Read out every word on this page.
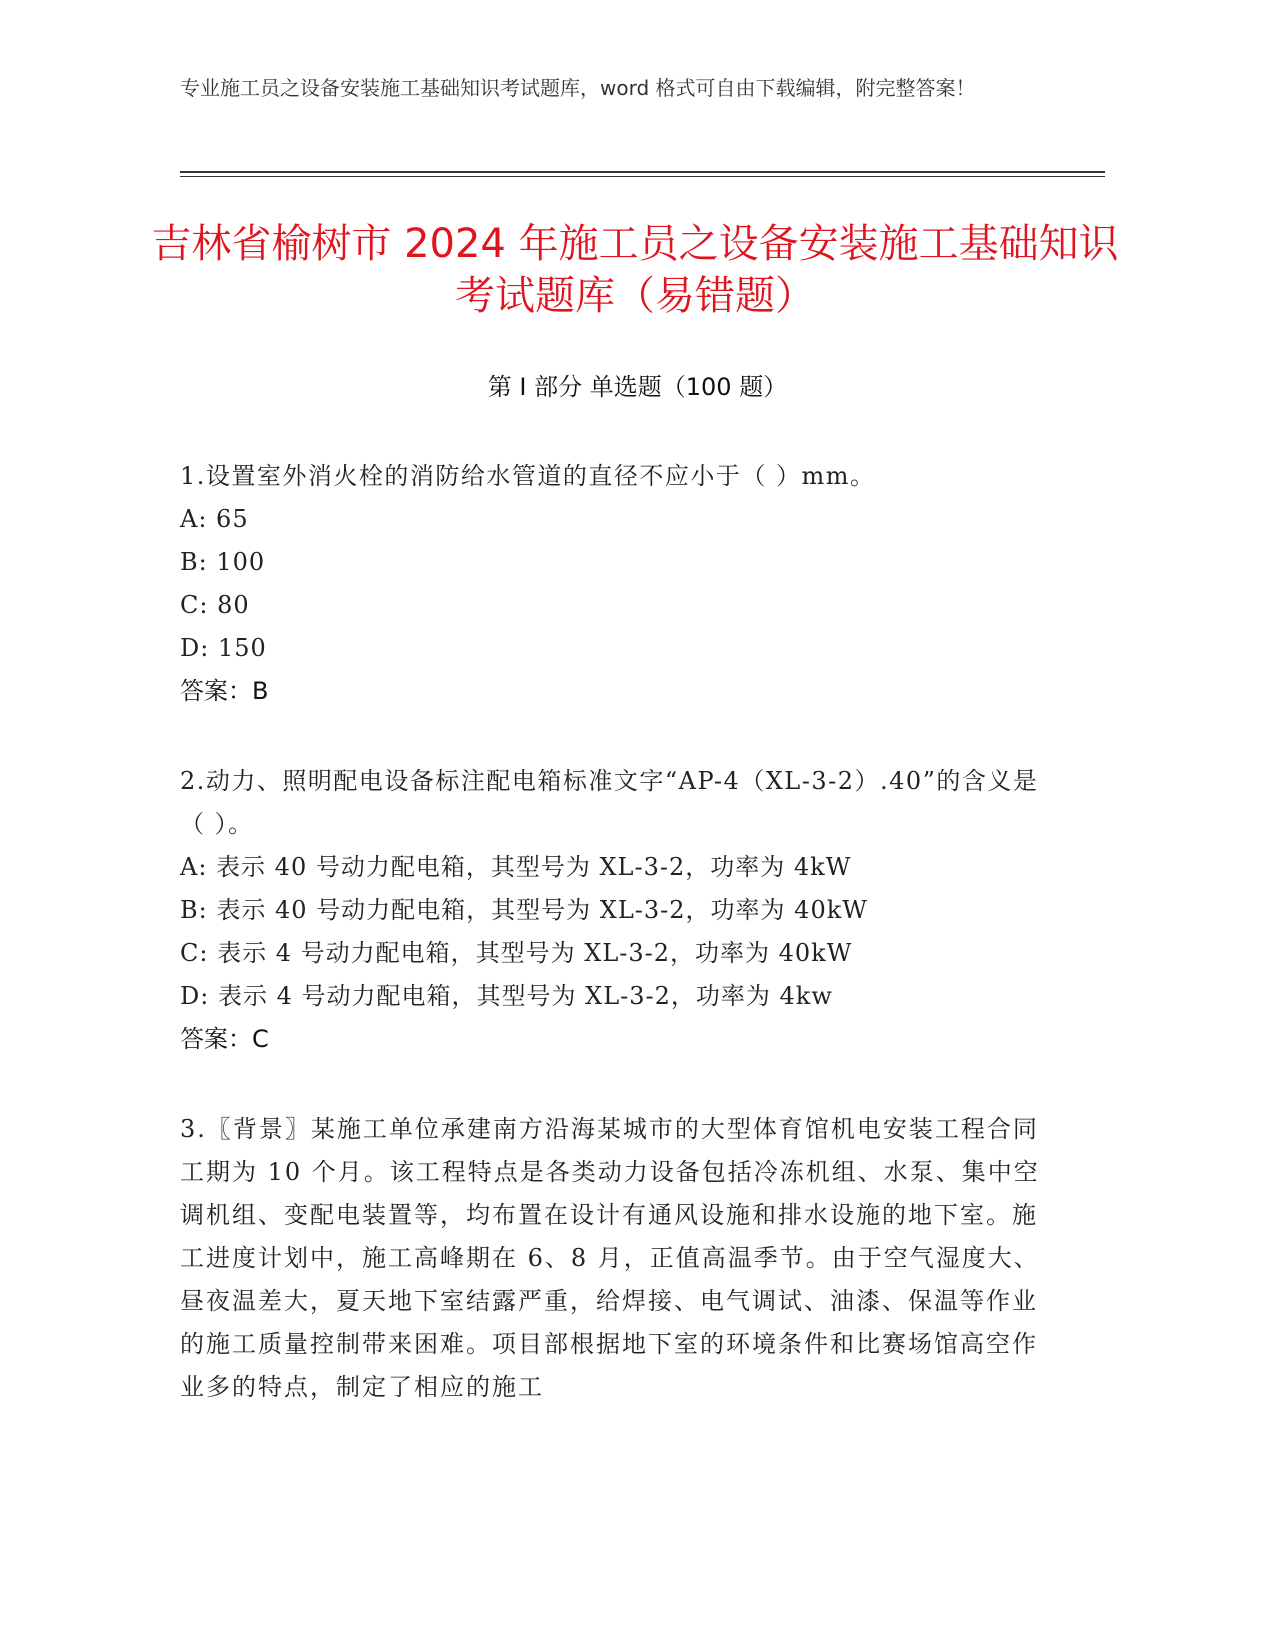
专业施工员之设备安装施工基础知识考试题库，word 格式可自由下载编辑，附完整答案！
吉林省榆树市 2024 年施工员之设备安装施工基础知识考试题库（易错题）
第 I 部分 单选题（100 题）

1.设置室外消火栓的消防给水管道的直径不应小于（ ）mm。

A: 65

B: 100

C: 80

D: 150

答案：B

2.动力、照明配电设备标注配电箱标准文字“AP-4（XL-3-2）.40”的含义是（ ）。

A: 表示 40 号动力配电箱，其型号为 XL-3-2，功率为 4kW

B: 表示 40 号动力配电箱，其型号为 XL-3-2，功率为 40kW

C: 表示 4 号动力配电箱，其型号为 XL-3-2，功率为 40kW

D: 表示 4 号动力配电箱，其型号为 XL-3-2，功率为 4kw

答案：C

3.〖背景〗某施工单位承建南方沿海某城市的大型体育馆机电安装工程合同工期为 10 个月。该工程特点是各类动力设备包括冷冻机组、水泵、集中空调机组、变配电装置等，均布置在设计有通风设施和排水设施的地下室。施工进度计划中，施工高峰期在 6、8 月，正值高温季节。由于空气湿度大、昼夜温差大，夏天地下室结露严重，给焊接、电气调试、油漆、保温等作业的施工质量控制带来困难。项目部根据地下室的环境条件和比赛场馆高空作业多的特点，制定了相应的施工
